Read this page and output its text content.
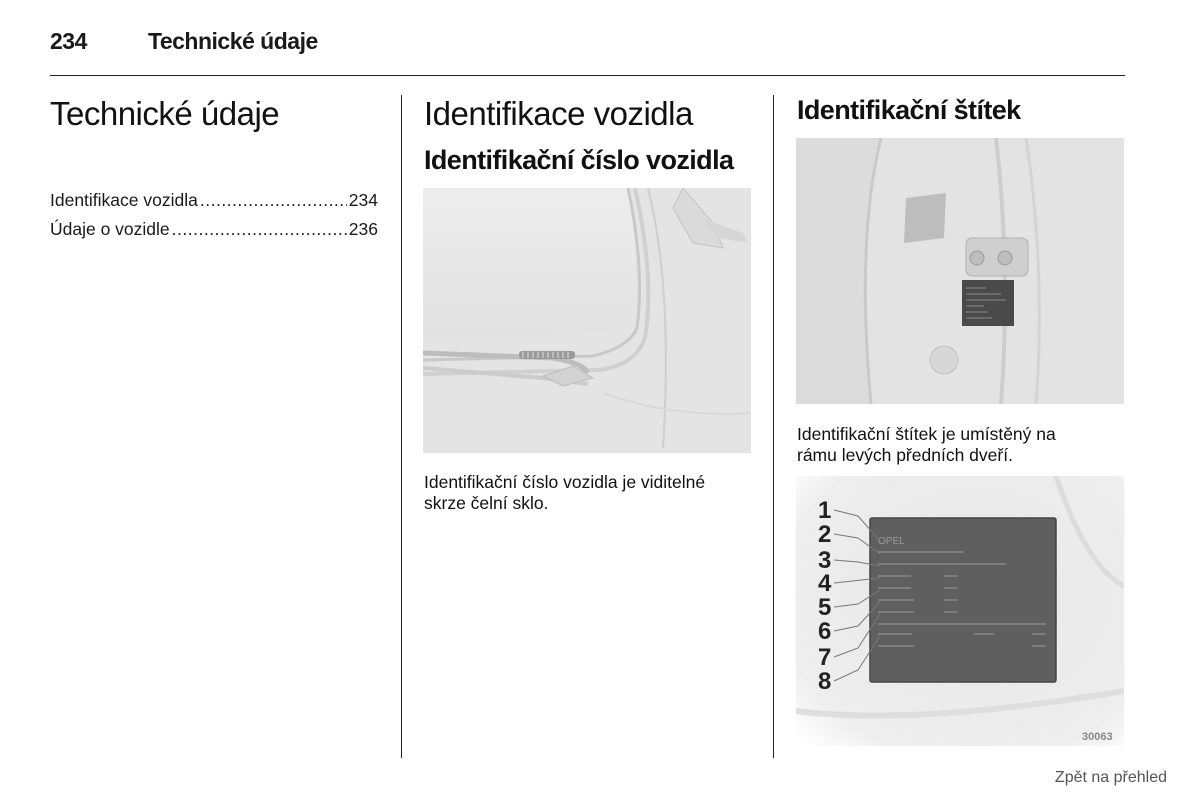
234	Technické údaje
Technické údaje
Identifikace vozidla .....	234
Údaje o vozidle .....	236
Identifikace vozidla
Identifikační číslo vozidla
Identifikační číslo vozidla je viditelné
skrze čelní sklo.
Identifikační štítek
Identifikační štítek je umístěný na
rámu levých předních dveří.
OPEL
1
2
3
4
5
6
7
8
30063
Zpět na přehled
